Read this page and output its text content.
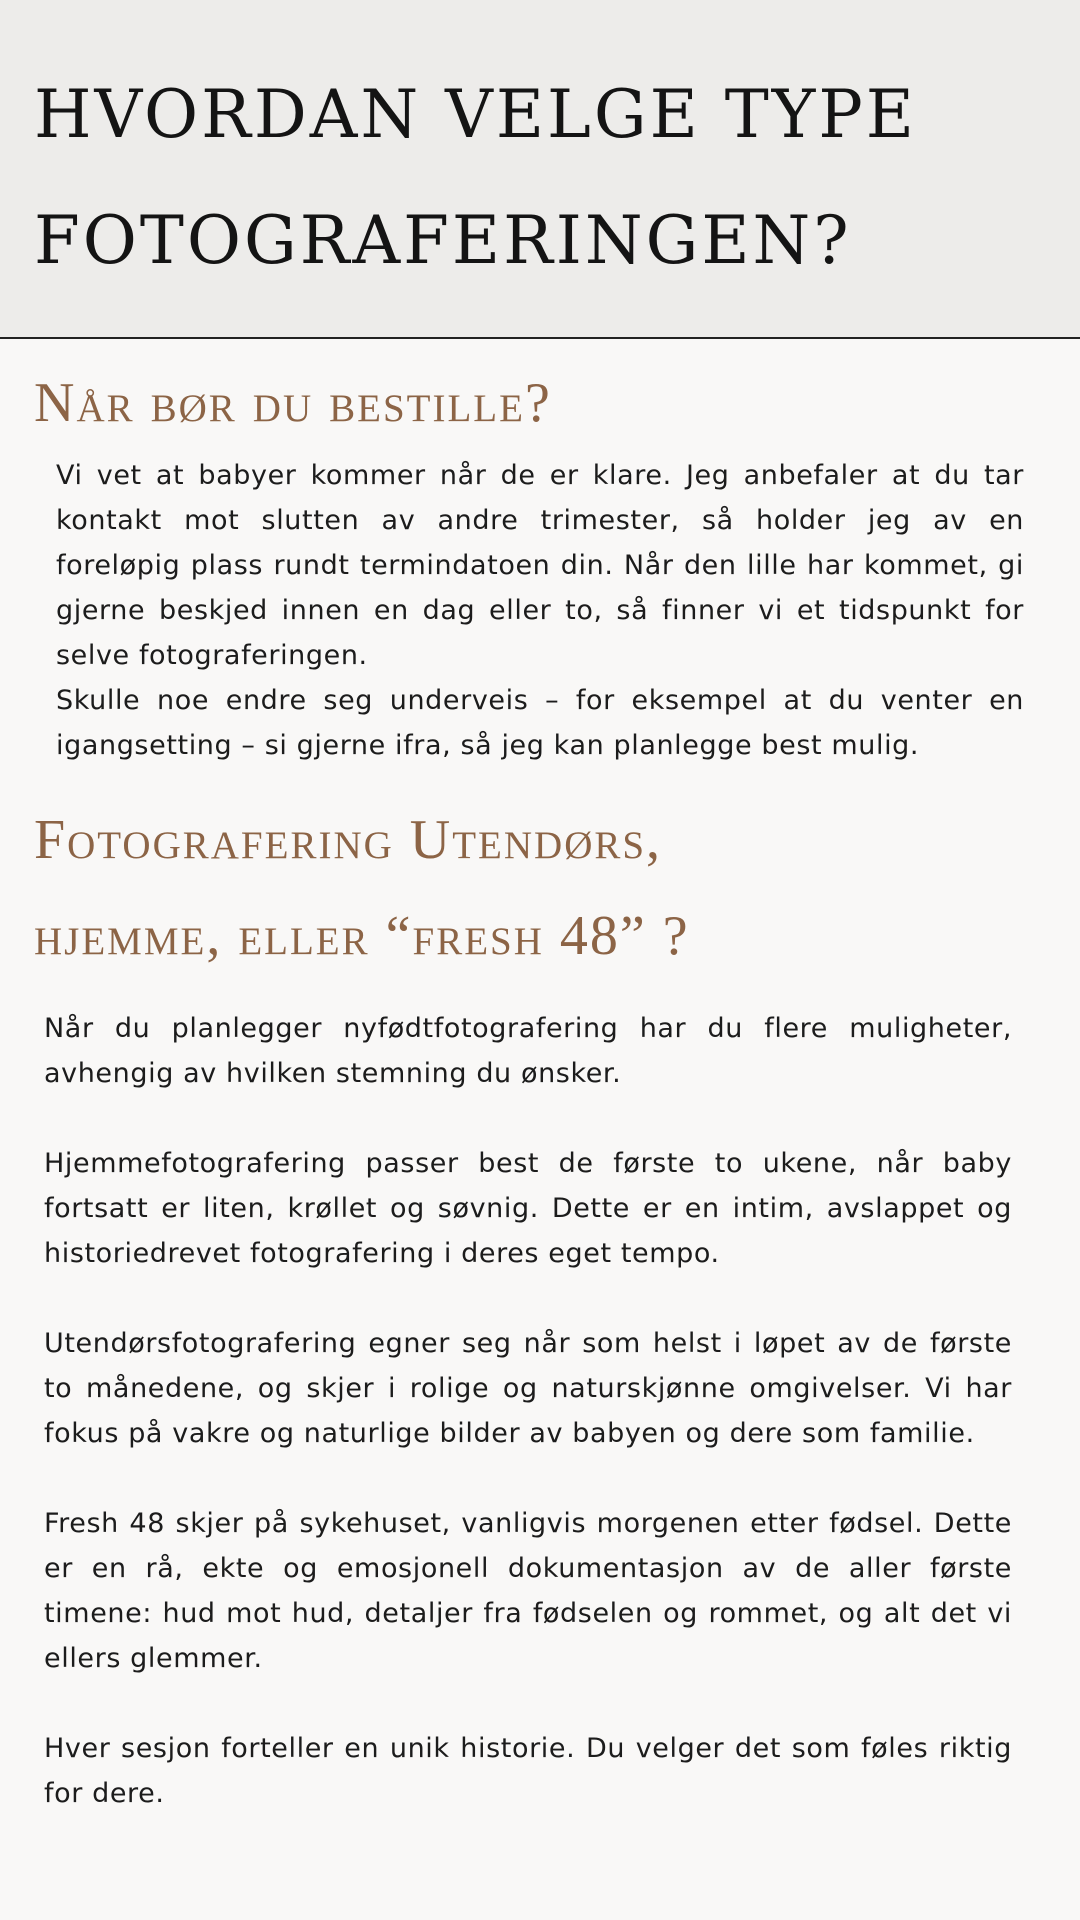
HVORDAN VELGE TYPE
FOTOGRAFERINGEN?
Når bør du bestille?

Vi vet at babyer kommer når de er klare. Jeg anbefaler at du tar kontakt mot slutten av andre trimester, så holder jeg av en foreløpig plass rundt termindatoen din. Når den lille har kommet, gi gjerne beskjed innen en dag eller to, så finner vi et tidspunkt for selve fotograferingen.

Skulle noe endre seg underveis – for eksempel at du venter en igangsetting – si gjerne ifra, så jeg kan planlegge best mulig.

Fotografering Utendørs,
hjemme, eller “fresh 48” ?

Når du planlegger nyfødtfotografering har du flere muligheter, avhengig av hvilken stemning du ønsker.

Hjemmefotografering passer best de første to ukene, når baby fortsatt er liten, krøllet og søvnig. Dette er en intim, avslappet og historiedrevet fotografering i deres eget tempo.

Utendørsfotografering egner seg når som helst i løpet av de første to månedene, og skjer i rolige og naturskjønne omgivelser. Vi har fokus på vakre og naturlige bilder av babyen og dere som familie.

Fresh 48 skjer på sykehuset, vanligvis morgenen etter fødsel. Dette er en rå, ekte og emosjonell dokumentasjon av de aller første timene: hud mot hud, detaljer fra fødselen og rommet, og alt det vi ellers glemmer.

Hver sesjon forteller en unik historie. Du velger det som føles riktig for dere.
